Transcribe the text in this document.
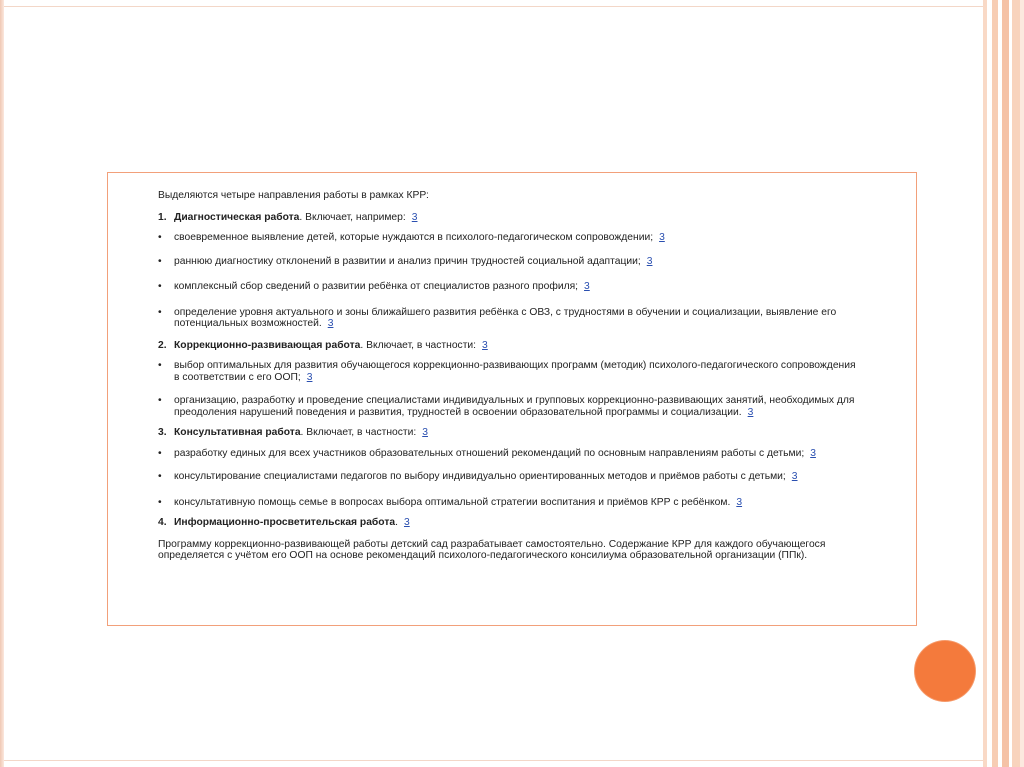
Выделяются четыре направления работы в рамках КРР:

1. Диагностическая работа. Включает, например: 3
•	своевременное выявление детей, которые нуждаются в психолого-педагогическом сопровождении; 3
•	раннюю диагностику отклонений в развитии и анализ причин трудностей социальной адаптации; 3
•	комплексный сбор сведений о развитии ребёнка от специалистов разного профиля; 3
•	определение уровня актуального и зоны ближайшего развития ребёнка с ОВЗ, с трудностями в обучении и социализации, выявление его потенциальных возможностей. 3
2. Коррекционно-развивающая работа. Включает, в частности: 3
•	выбор оптимальных для развития обучающегося коррекционно-развивающих программ (методик) психолого-педагогического сопровождения в соответствии с его ООП; 3
•	организацию, разработку и проведение специалистами индивидуальных и групповых коррекционно-развивающих занятий, необходимых для преодоления нарушений поведения и развития, трудностей в освоении образовательной программы и социализации. 3
3. Консультативная работа. Включает, в частности: 3
•	разработку единых для всех участников образовательных отношений рекомендаций по основным направлениям работы с детьми; 3
•	консультирование специалистами педагогов по выбору индивидуально ориентированных методов и приёмов работы с детьми; 3
•	консультативную помощь семье в вопросах выбора оптимальной стратегии воспитания и приёмов КРР с ребёнком. 3
4. Информационно-просветительская работа. 3

Программу коррекционно-развивающей работы детский сад разрабатывает самостоятельно. Содержание КРР для каждого обучающегося определяется с учётом его ООП на основе рекомендаций психолого-педагогического консилиума образовательной организации (ППк).
